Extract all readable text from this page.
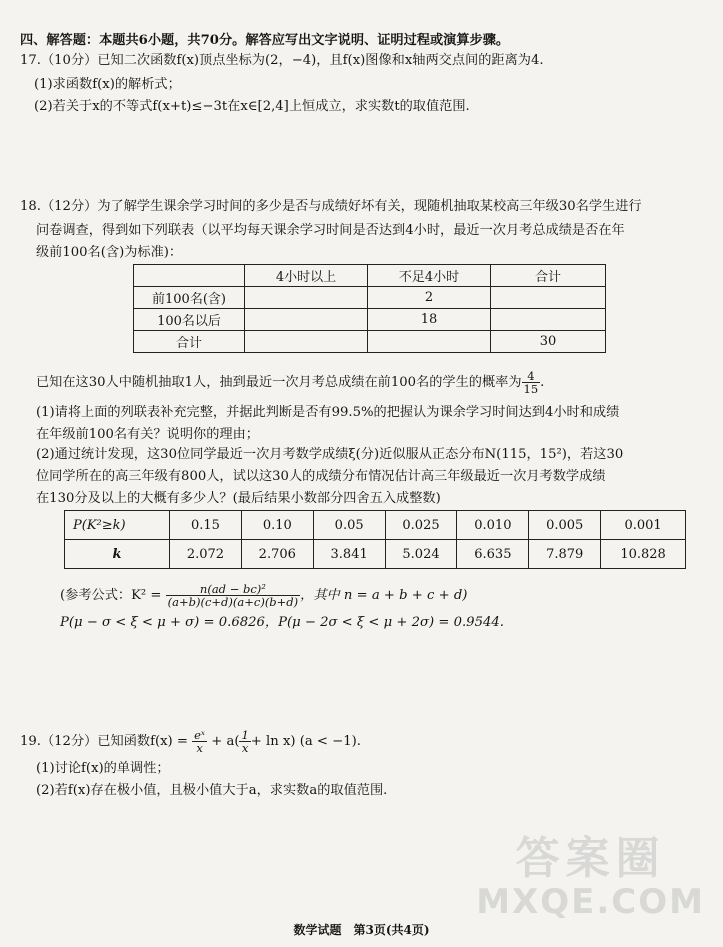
四、解答题：本题共6小题，共70分。解答应写出文字说明、证明过程或演算步骤。
17.（10分）已知二次函数f(x)顶点坐标为(2，−4)，且f(x)图像和x轴两交点间的距离为4.
(1)求函数f(x)的解析式；
(2)若关于x的不等式f(x+t)≤−3t在x∈[2,4]上恒成立，求实数t的取值范围.
18.（12分）为了解学生课余学习时间的多少是否与成绩好坏有关，现随机抽取某校高三年级30名学生进行
问卷调查，得到如下列联表（以平均每天课余学习时间是否达到4小时，最近一次月考总成绩是否在年
级前100名(含)为标准)：
	4小时以上	不足4小时	合计
前100名(含)		2	
100名以后		18	
合计			30
已知在这30人中随机抽取1人，抽到最近一次月考总成绩在前100名的学生的概率为 $\frac{4}{15}$ .
(1)请将上面的列联表补充完整，并据此判断是否有99.5%的把握认为课余学习时间达到4小时和成绩
在年级前100名有关？说明你的理由；
(2)通过统计发现，这30位同学最近一次月考数学成绩ξ(分)近似服从正态分布N(115，15²)，若这30
位同学所在的高三年级有800人，试以这30人的成绩分布情况估计高三年级最近一次月考数学成绩
在130分及以上的大概有多少人？(最后结果小数部分四舍五入成整数)
P(K²≥k)	0.15	0.10	0.05	0.025	0.010	0.005	0.001
k	2.072	2.706	3.841	5.024	6.635	7.879	10.828
(参考公式：$K^2 = \frac{\text{n(ad − bc)²}}{(a+b)(c+d)(a+c)(b+d)}$ ，其中 n = a + b + c + d)
P(μ − σ < ξ < μ + σ) = 0.6826，P(μ − 2σ < ξ < μ + 2σ) = 0.9544.
19.（12分）已知函数$f(x) = \frac{\text{eˣ}}{x} + a( \frac{1}{x} + \ln x) (a < -1)$.
(1)讨论f(x)的单调性；
(2)若f(x)存在极小值，且极小值大于a，求实数a的取值范围.
答案圈
MXQE.COM
数学试题　第3页(共4页)
